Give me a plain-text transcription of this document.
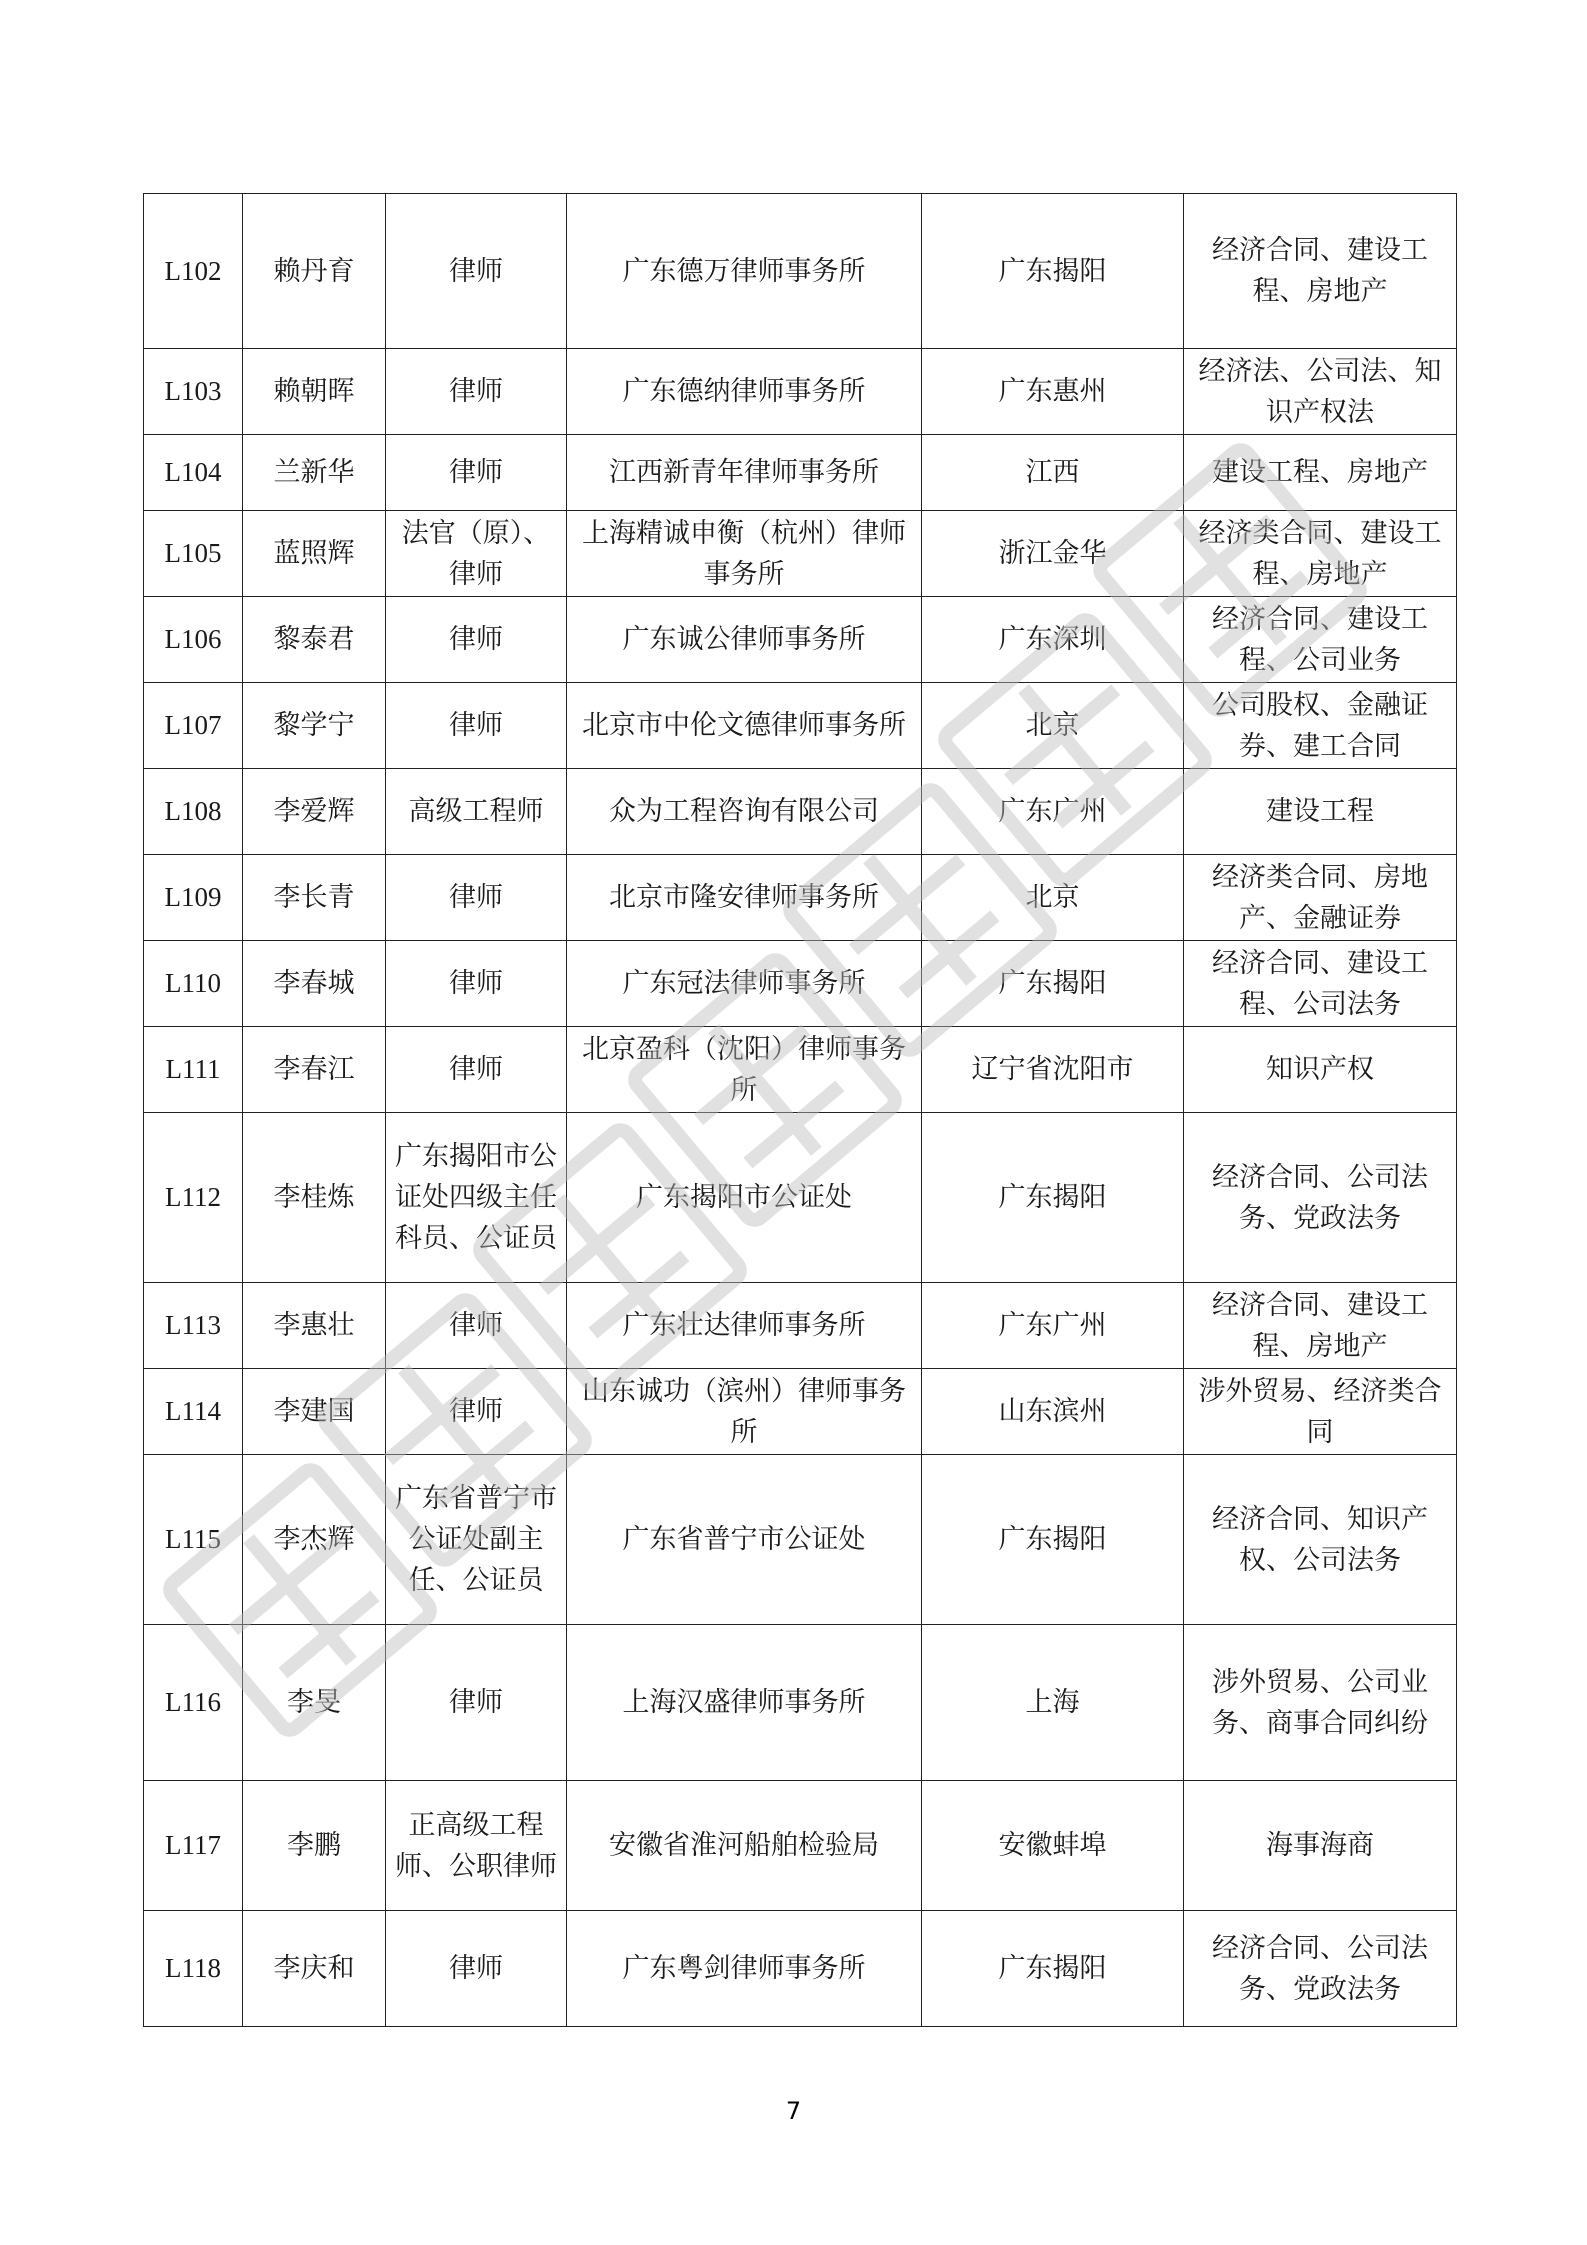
L102	赖丹育	律师	广东德万律师事务所	广东揭阳	经济合同、建设工程、房地产
L103	赖朝晖	律师	广东德纳律师事务所	广东惠州	经济法、公司法、知识产权法
L104	兰新华	律师	江西新青年律师事务所	江西	建设工程、房地产
L105	蓝照辉	法官（原）、律师	上海精诚申衡（杭州）律师事务所	浙江金华	经济类合同、建设工程、房地产
L106	黎泰君	律师	广东诚公律师事务所	广东深圳	经济合同、建设工程、公司业务
L107	黎学宁	律师	北京市中伦文德律师事务所	北京	公司股权、金融证券、建工合同
L108	李爱辉	高级工程师	众为工程咨询有限公司	广东广州	建设工程
L109	李长青	律师	北京市隆安律师事务所	北京	经济类合同、房地产、金融证券
L110	李春城	律师	广东冠法律师事务所	广东揭阳	经济合同、建设工程、公司法务
L111	李春江	律师	北京盈科（沈阳）律师事务所	辽宁省沈阳市	知识产权
L112	李桂炼	广东揭阳市公证处四级主任科员、公证员	广东揭阳市公证处	广东揭阳	经济合同、公司法务、党政法务
L113	李惠壮	律师	广东壮达律师事务所	广东广州	经济合同、建设工程、房地产
L114	李建国	律师	山东诚功（滨州）律师事务所	山东滨州	涉外贸易、经济类合同
L115	李杰辉	广东省普宁市公证处副主任、公证员	广东省普宁市公证处	广东揭阳	经济合同、知识产权、公司法务
L116	李旻	律师	上海汉盛律师事务所	上海	涉外贸易、公司业务、商事合同纠纷
L117	李鹏	正高级工程师、公职律师	安徽省淮河船舶检验局	安徽蚌埠	海事海商
L118	李庆和	律师	广东粤剑律师事务所	广东揭阳	经济合同、公司法务、党政法务
7
